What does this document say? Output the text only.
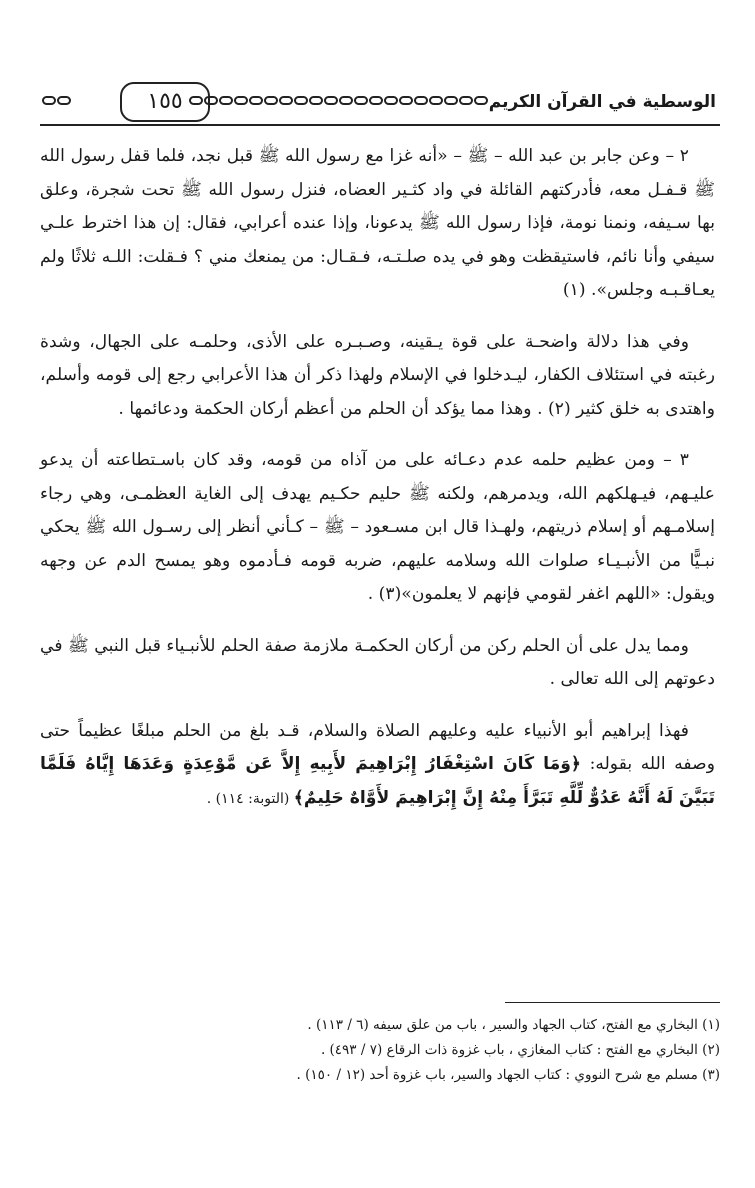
الوسطية في القرآن الكريم
١٥٥

٢ – وعن جابر بن عبد الله – ﷺ – «أنه غزا مع رسول الله ﷺ قبل نجد، فلما قفل رسول الله ﷺ قـفـل معه، فأدركتهم القائلة في واد كثـير العضاه، فنزل رسول الله ﷺ تحت شجرة، وعلق بها سـيفه، ونمنا نومة، فإذا رسول الله ﷺ يدعونا، وإذا عنده أعرابي، فقال: إن هذا اخترط علـي سيفي وأنا نائم، فاستيقظت وهو في يده صلـتـه، فـقـال: من يمنعك مني ؟ فـقلت: اللـه ثلاثًا ولم يعـاقـبـه وجلس». (١)

وفي هذا دلالة واضحـة على قوة يـقينه، وصـبـره على الأذى، وحلمـه على الجهال، وشدة رغبته في استئلاف الكفار، ليـدخلوا في الإسلام ولهذا ذكر أن هذا الأعرابي رجع إلى قومه وأسلم، واهتدى به خلق كثير (٢) . وهذا مما يؤكد أن الحلم من أعظم أركان الحكمة ودعائمها .

٣ – ومن عظيم حلمه عدم دعـائه على من آذاه من قومه، وقد كان باسـتطاعته أن يدعو عليـهم، فيـهلكهم الله، ويدمرهم، ولكنه ﷺ حليم حكـيم يهدف إلى الغاية العظمـى، وهي رجاء إسلامـهم أو إسلام ذريتهم، ولهـذا قال ابن مسـعود – ﷺ – كـأني أنظر إلى رسـول الله ﷺ يحكي نبـيًّا من الأنبـيـاء صلوات الله وسلامه عليهم، ضربه قومه فـأدموه وهو يمسح الدم عن وجهه ويقول: «اللهم اغفر لقومي فإنهم لا يعلمون»(٣) .

ومما يدل على أن الحلم ركن من أركان الحكمـة ملازمة صفة الحلم للأنبـياء قبل النبي ﷺ في دعوتهم إلى الله تعالى .

فهذا إبراهيم أبو الأنبياء عليه وعليهم الصلاة والسلام، قـد بلغ من الحلم مبلغًا عظيماً حتى وصفه الله بقوله: ﴿وَمَا كَانَ اسْتِغْفَارُ إِبْرَاهِيمَ لأَبِيهِ إِلاَّ عَن مَّوْعِدَةٍ وَعَدَهَا إِيَّاهُ فَلَمَّا تَبَيَّنَ لَهُ أَنَّهُ عَدُوٌّ لِّلَّهِ تَبَرَّأَ مِنْهُ إِنَّ إِبْرَاهِيمَ لأَوَّاهٌ حَلِيمٌ﴾ (التوبة: ١١٤) .

(١) البخاري مع الفتح، كتاب الجهاد والسير ، باب من علق سيفه (٦ / ١١٣) .

(٢) البخاري مع الفتح : كتاب المغازي ، باب غزوة ذات الرقاع (٧ / ٤٩٣) .

(٣) مسلم مع شرح النووي : كتاب الجهاد والسير، باب غزوة أحد (١٢ / ١٥٠) .
